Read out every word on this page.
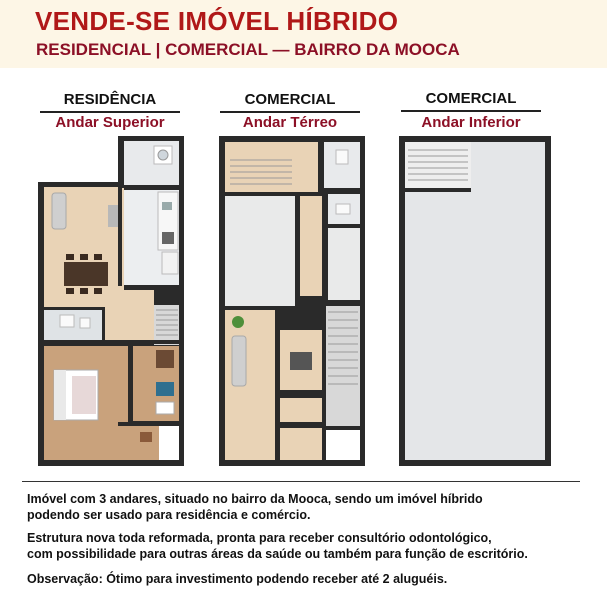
VENDE-SE IMÓVEL HÍBRIDO
RESIDENCIAL | COMERCIAL — BAIRRO DA MOOCA
RESIDÊNCIA
Andar Superior
COMERCIAL
Andar Térreo
COMERCIAL
Andar Inferior
Imóvel com 3 andares, situado no bairro da Mooca, sendo um imóvel híbrido
podendo ser usado para residência e comércio.
Estrutura nova toda reformada, pronta para receber consultório odontológico,
com possibilidade para outras áreas da saúde ou também para função de escritório.
Observação: Ótimo para investimento podendo receber até 2 aluguéis.
